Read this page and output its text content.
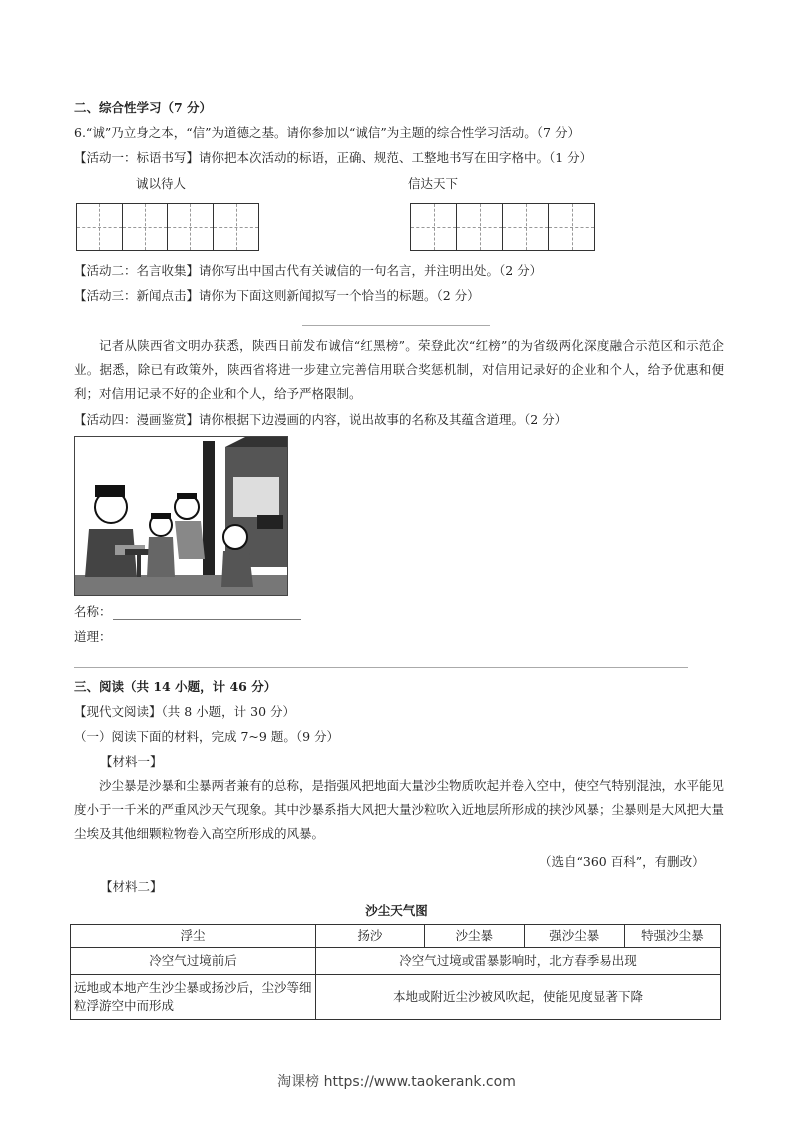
二、综合性学习（7 分）
6.“诚”乃立身之本，“信”为道德之基。请你参加以“诚信”为主题的综合性学习活动。（7 分）
【活动一：标语书写】请你把本次活动的标语，正确、规范、工整地书写在田字格中。（1 分）
诚以待人	信达天下
【活动二：名言收集】请你写出中国古代有关诚信的一句名言，并注明出处。（2 分）
【活动三：新闻点击】请你为下面这则新闻拟写一个恰当的标题。（2 分）
记者从陕西省文明办获悉，陕西日前发布诚信“红黑榜”。荣登此次“红榜”的为省级两化深度融合示范区和示范企业。据悉，除已有政策外，陕西省将进一步建立完善信用联合奖惩机制，对信用记录好的企业和个人，给予优惠和便利；对信用记录不好的企业和个人，给予严格限制。
【活动四：漫画鉴赏】请你根据下边漫画的内容，说出故事的名称及其蕴含道理。（2 分）
名称：
道理：
三、阅读（共 14 小题，计 46 分）
【现代文阅读】（共 8 小题，计 30 分）
（一）阅读下面的材料，完成 7~9 题。（9 分）
【材料一】
沙尘暴是沙暴和尘暴两者兼有的总称，是指强风把地面大量沙尘物质吹起并卷入空中，使空气特别混浊，水平能见度小于一千米的严重风沙天气现象。其中沙暴系指大风把大量沙粒吹入近地层所形成的挟沙风暴；尘暴则是大风把大量尘埃及其他细颗粒物卷入高空所形成的风暴。
（选自“360 百科”，有删改）
【材料二】
沙尘天气图
浮尘	扬沙	沙尘暴	强沙尘暴	特强沙尘暴
冷空气过境前后	冷空气过境或雷暴影响时，北方春季易出现			
远地或本地产生沙尘暴或扬沙后，尘沙等细粒浮游空中而形成	本地或附近尘沙被风吹起，使能见度显著下降			
淘课榜 https://www.taokerank.com
